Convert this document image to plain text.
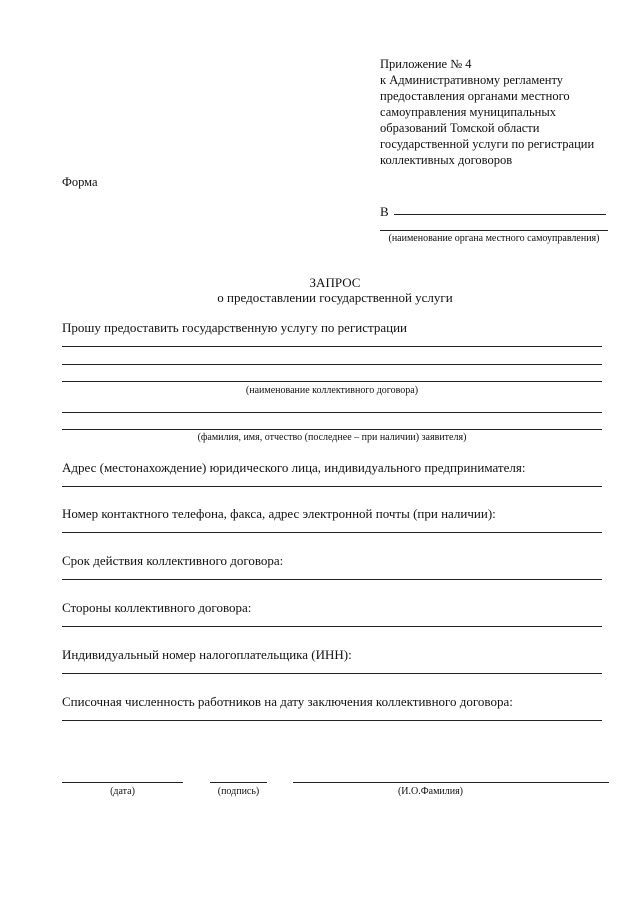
Приложение № 4
к Административному регламенту
предоставления органами местного
самоуправления муниципальных
образований Томской области
государственной услуги по регистрации
коллективных договоров
Форма
В
(наименование органа местного самоуправления)
ЗАПРОС
о предоставлении государственной услуги
Прошу предоставить государственную услугу по регистрации
(наименование коллективного договора)
(фамилия, имя, отчество (последнее – при наличии) заявителя)
Адрес (местонахождение) юридического лица, индивидуального предпринимателя:
Номер контактного телефона, факса, адрес электронной почты (при наличии):
Срок действия коллективного договора:
Стороны коллективного договора:
Индивидуальный номер налогоплательщика (ИНН):
Списочная численность работников на дату заключения коллективного договора:
(дата)	(подпись)	(И.О.Фамилия)
